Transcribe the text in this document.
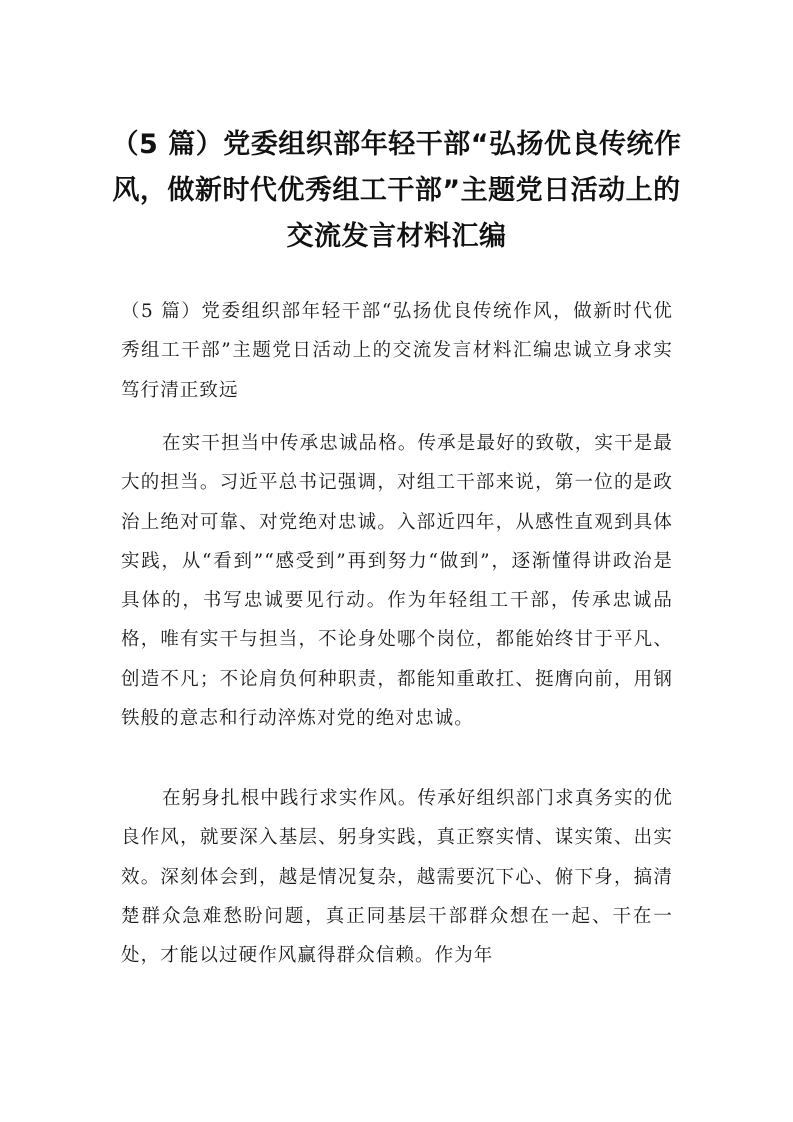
（5 篇）党委组织部年轻干部“弘扬优良传统作风，做新时代优秀组工干部”主题党日活动上的交流发言材料汇编

（5 篇）党委组织部年轻干部“弘扬优良传统作风，做新时代优秀组工干部”主题党日活动上的交流发言材料汇编忠诚立身求实笃行清正致远

在实干担当中传承忠诚品格。传承是最好的致敬，实干是最大的担当。习近平总书记强调，对组工干部来说，第一位的是政治上绝对可靠、对党绝对忠诚。入部近四年，从感性直观到具体实践，从“看到”“感受到”再到努力“做到”，逐渐懂得讲政治是具体的，书写忠诚要见行动。作为年轻组工干部，传承忠诚品格，唯有实干与担当，不论身处哪个岗位，都能始终甘于平凡、创造不凡；不论肩负何种职责，都能知重敢扛、挺膺向前，用钢铁般的意志和行动淬炼对党的绝对忠诚。

在躬身扎根中践行求实作风。传承好组织部门求真务实的优良作风，就要深入基层、躬身实践，真正察实情、谋实策、出实效。深刻体会到，越是情况复杂，越需要沉下心、俯下身，搞清楚群众急难愁盼问题，真正同基层干部群众想在一起、干在一处，才能以过硬作风赢得群众信赖。作为年
